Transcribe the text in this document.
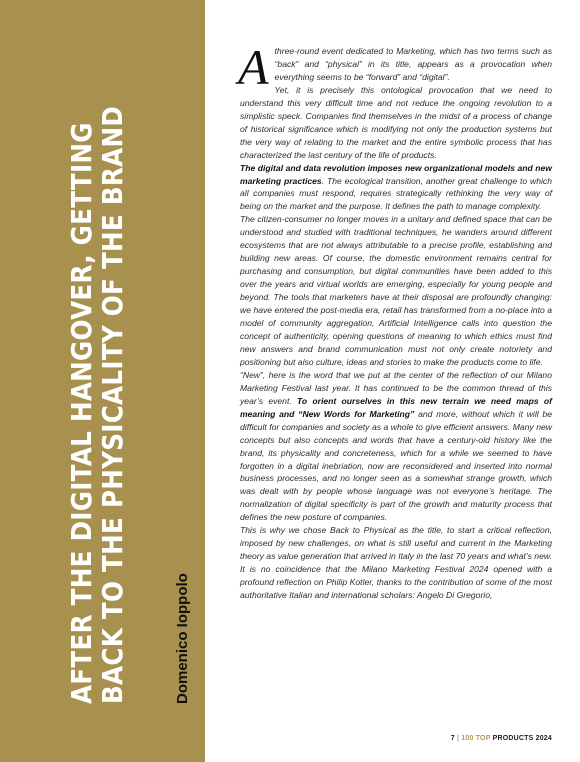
AFTER THE DIGITAL HANGOVER, GETTING
BACK TO THE PHYSICALITY OF THE BRAND	Domenico Ioppolo

Athree-round event dedicated to Marketing, which has two terms such as “back” and “physical” in its title, appears as a provocation when everything seems to be “forward” and “digital”.

Yet, it is precisely this ontological provocation that we need to understand this very difficult time and not reduce the ongoing revolution to a simplistic speck. Companies find themselves in the midst of a process of change of historical significance which is modifying not only the production systems but the very way of relating to the market and the entire symbolic process that has characterized the last century of the life of products.

The digital and data revolution imposes new organizational models and new marketing practices. The ecological transition, another great challenge to which all companies must respond, requires strategically rethinking the very way of being on the market and the purpose. It defines the path to manage complexity.

The citizen-consumer no longer moves in a unitary and defined space that can be understood and studied with traditional techniques, he wanders around different ecosystems that are not always attributable to a precise profile, establishing and building new areas. Of course, the domestic environment remains central for purchasing and consumption, but digital communities have been added to this over the years and virtual worlds are emerging, especially for young people and beyond. The tools that marketers have at their disposal are profoundly changing: we have entered the post-media era, retail has transformed from a no-place into a model of community aggregation, Artificial Intelligence calls into question the concept of authenticity, opening questions of meaning to which ethics must find new answers and brand communication must not only create notoriety and positioning but also culture, ideas and stories to make the products come to life.

“New”, here is the word that we put at the center of the reflection of our Milano Marketing Festival last year. It has continued to be the common thread of this year’s event. To orient ourselves in this new terrain we need maps of meaning and “New Words for Marketing” and more, without which it will be difficult for companies and society as a whole to give efficient answers. Many new concepts but also concepts and words that have a century-old history like the brand, its physicality and concreteness, which for a while we seemed to have forgotten in a digital inebriation, now are reconsidered and inserted into normal business processes, and no longer seen as a somewhat strange growth, which was dealt with by people whose language was not everyone’s heritage. The normalization of digital specificity is part of the growth and maturity process that defines the new posture of companies.

This is why we chose Back to Physical as the title, to start a critical reflection, imposed by new challenges, on what is still useful and current in the Marketing theory as value generation that arrived in Italy in the last 70 years and what’s new. It is no coincidence that the Milano Marketing Festival 2024 opened with a profound reflection on Philip Kotler, thanks to the contribution of some of the most authoritative Italian and international scholars: Angelo Di Gregorio,

7 | 100 TOP PRODUCTS 2024
